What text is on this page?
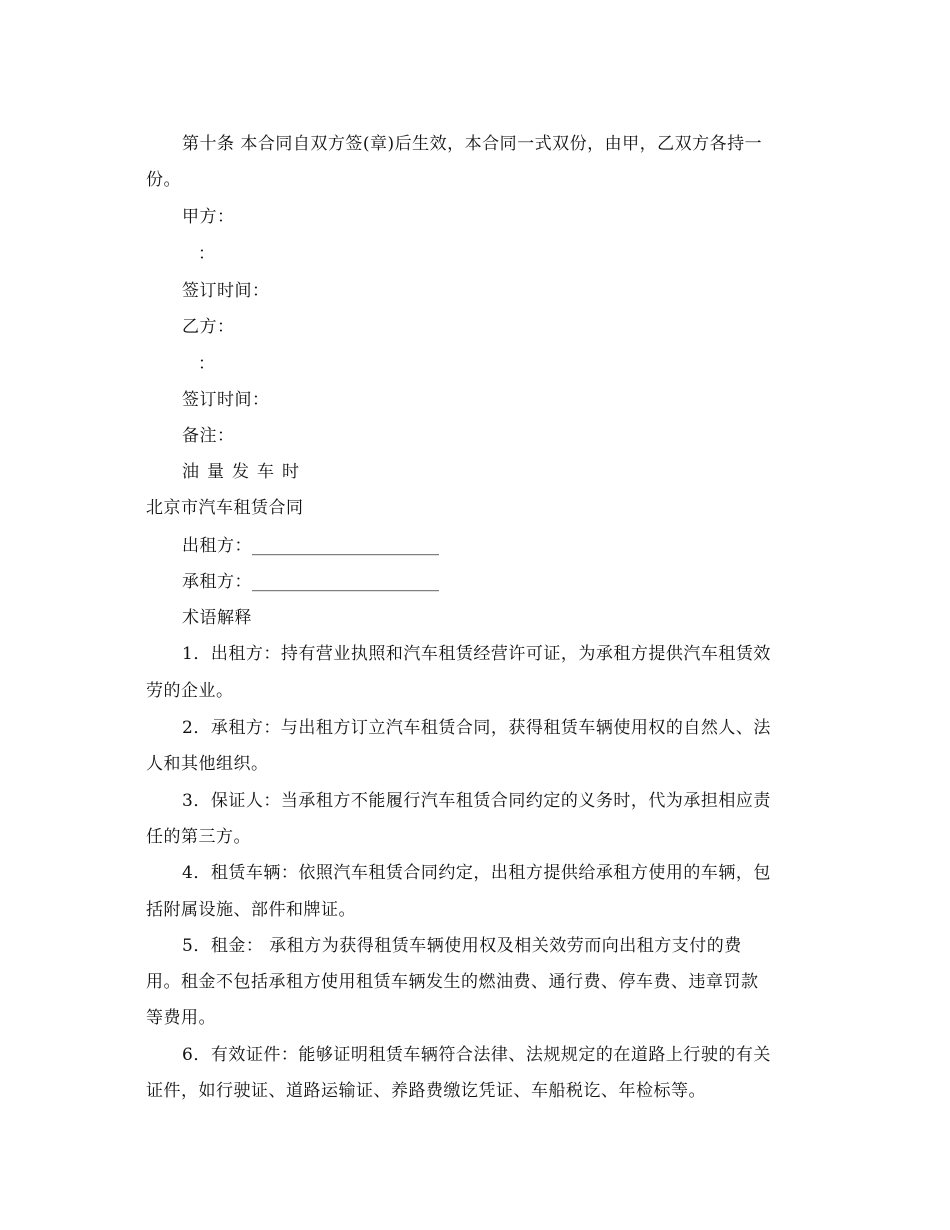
第十条 本合同自双方签(章)后生效，本合同一式双份，由甲，乙双方各持一
份。
甲方：
：
签订时间：
乙方：
：
签订时间：
备注：
油量发车时
北京市汽车租赁合同
出租方：______________________
承租方：______________________
术语解释
1．出租方：持有营业执照和汽车租赁经营许可证，为承租方提供汽车租赁效
劳的企业。
2．承租方：与出租方订立汽车租赁合同，获得租赁车辆使用权的自然人、法
人和其他组织。
3．保证人：当承租方不能履行汽车租赁合同约定的义务时，代为承担相应责
任的第三方。
4．租赁车辆：依照汽车租赁合同约定，出租方提供给承租方使用的车辆，包
括附属设施、部件和牌证。
5．租金： 承租方为获得租赁车辆使用权及相关效劳而向出租方支付的费
用。租金不包括承租方使用租赁车辆发生的燃油费、通行费、停车费、违章罚款
等费用。
6．有效证件：能够证明租赁车辆符合法律、法规规定的在道路上行驶的有关
证件，如行驶证、道路运输证、养路费缴讫凭证、车船税讫、年检标等。
